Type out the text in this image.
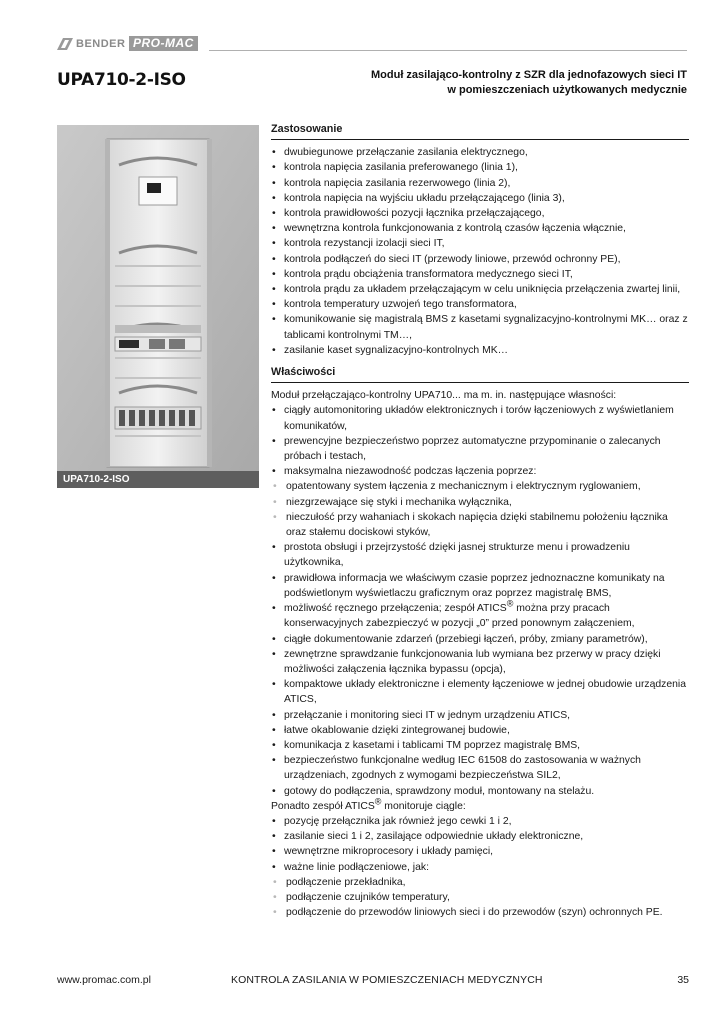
BENDER PRO-MAC
UPA710-2-ISO	Moduł zasilająco-kontrolny z SZR dla jednofazowych sieci IT
w pomieszczeniach użytkowanych medycznie
UPA710-2-ISO
Zastosowanie
• dwubiegunowe przełączanie zasilania elektrycznego,
• kontrola napięcia zasilania preferowanego (linia 1),
• kontrola napięcia zasilania rezerwowego (linia 2),
• kontrola napięcia na wyjściu układu przełączającego (linia 3),
• kontrola prawidłowości pozycji łącznika przełączającego,
• wewnętrzna kontrola funkcjonowania z kontrolą czasów łączenia włącznie,
• kontrola rezystancji izolacji sieci IT,
• kontrola podłączeń do sieci IT (przewody liniowe, przewód ochronny PE),
• kontrola prądu obciążenia transformatora medycznego sieci IT,
• kontrola prądu za układem przełączającym w celu uniknięcia przełączenia zwartej linii,
• kontrola temperatury uzwojeń tego transformatora,
• komunikowanie się magistralą BMS z kasetami sygnalizacyjno-kontrolnymi MK… oraz z tablicami kontrolnymi TM…,
• zasilanie kaset sygnalizacyjno-kontrolnych MK…
Właściwości
Moduł przełączająco-kontrolny UPA710... ma m. in. następujące własności:
• ciągły automonitoring układów elektronicznych i torów łączeniowych z wyświetlaniem komunikatów,
• prewencyjne bezpieczeństwo poprzez automatyczne przypominanie o zalecanych próbach i testach,
• maksymalna niezawodność podczas łączenia poprzez:
• opatentowany system łączenia z mechanicznym i elektrycznym ryglowaniem,
• niezgrzewające się styki i mechanika wyłącznika,
• nieczułość przy wahaniach i skokach napięcia dzięki stabilnemu położeniu łącznika oraz stałemu dociskowi styków,
• prostota obsługi i przejrzystość dzięki jasnej strukturze menu i prowadzeniu użytkownika,
• prawidłowa informacja we właściwym czasie poprzez jednoznaczne komunikaty na podświetlonym wyświetlaczu graficznym oraz poprzez magistralę BMS,
• możliwość ręcznego przełączenia; zespół ATICS® można przy pracach konserwacyjnych zabezpieczyć w pozycji „0” przed ponownym załączeniem,
• ciągłe dokumentowanie zdarzeń (przebiegi łączeń, próby, zmiany parametrów),
• zewnętrzne sprawdzanie funkcjonowania lub wymiana bez przerwy w pracy dzięki możliwości załączenia łącznika bypassu (opcja),
• kompaktowe układy elektroniczne i elementy łączeniowe w jednej obudowie urządzenia ATICS,
• przełączanie i monitoring sieci IT w jednym urządzeniu ATICS,
• łatwe okablowanie dzięki zintegrowanej budowie,
• komunikacja z kasetami i tablicami TM poprzez magistralę BMS,
• bezpieczeństwo funkcjonalne według IEC 61508 do zastosowania w ważnych urządzeniach, zgodnych z wymogami bezpieczeństwa SIL2,
• gotowy do podłączenia, sprawdzony moduł, montowany na stelażu.
Ponadto zespół ATICS® monitoruje ciągle:
• pozycję przełącznika jak również jego cewki 1 i 2,
• zasilanie sieci 1 i 2, zasilające odpowiednie układy elektroniczne,
• wewnętrzne mikroprocesory i układy pamięci,
• ważne linie podłączeniowe, jak:
• podłączenie przekładnika,
• podłączenie czujników temperatury,
• podłączenie do przewodów liniowych sieci i do przewodów (szyn) ochronnych PE.
www.promac.com.pl	KONTROLA ZASILANIA W POMIESZCZENIACH MEDYCZNYCH	35
